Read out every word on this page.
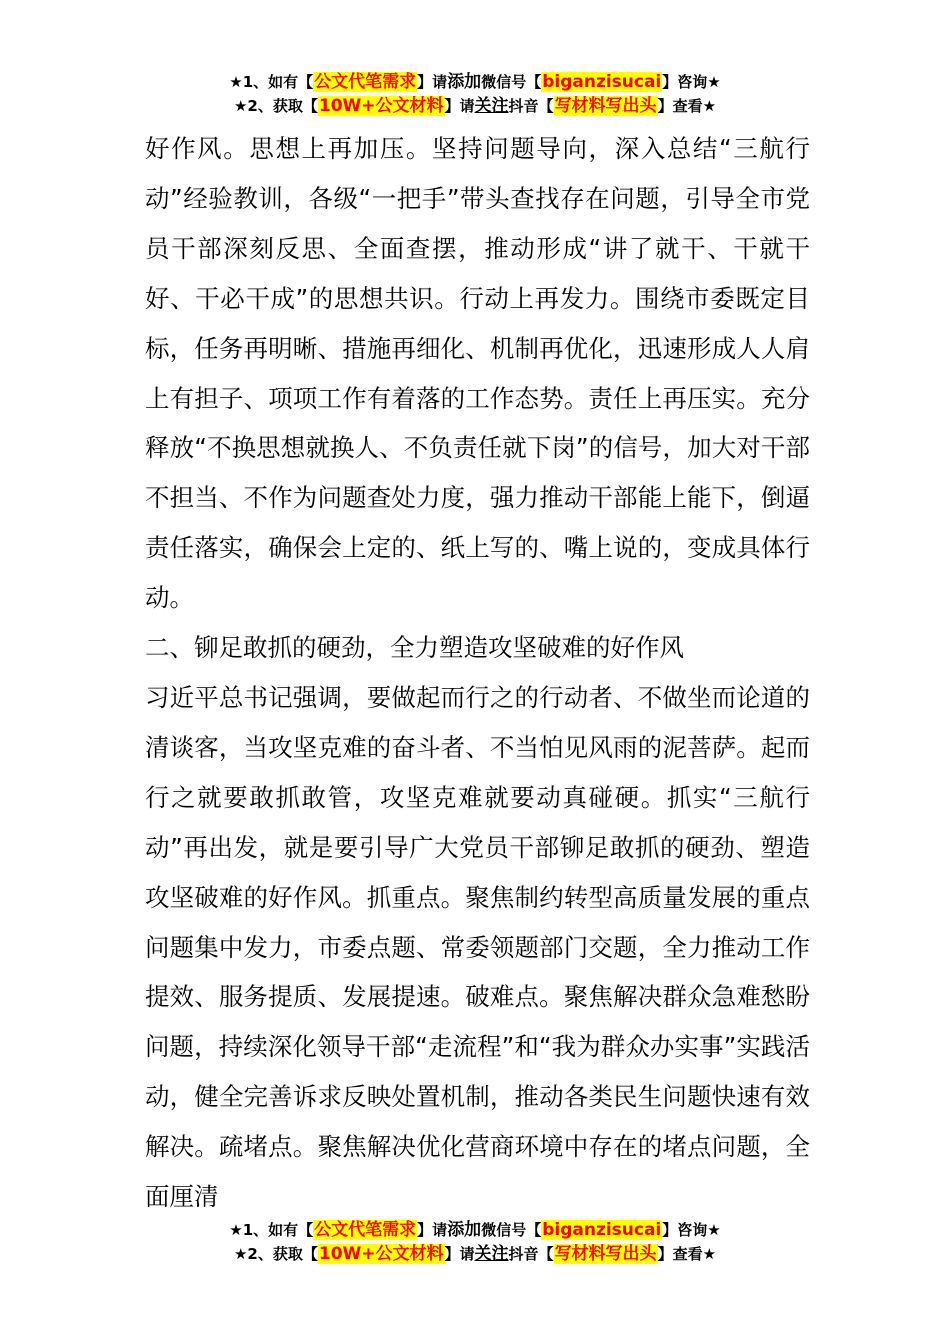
★1、如有【公文代笔需求】请添加微信号【biganzisucai】咨询★
★2、获取【10W+公文材料】请关注抖音【写材料写出头】查看★

好作风。思想上再加压。坚持问题导向，深入总结“三航行动”经验教训，各级“一把手”带头查找存在问题，引导全市党员干部深刻反思、全面查摆，推动形成“讲了就干、干就干好、干必干成”的思想共识。行动上再发力。围绕市委既定目标，任务再明晰、措施再细化、机制再优化，迅速形成人人肩上有担子、项项工作有着落的工作态势。责任上再压实。充分释放“不换思想就换人、不负责任就下岗”的信号，加大对干部不担当、不作为问题查处力度，强力推动干部能上能下，倒逼责任落实，确保会上定的、纸上写的、嘴上说的，变成具体行动。

二、铆足敢抓的硬劲，全力塑造攻坚破难的好作风

习近平总书记强调，要做起而行之的行动者、不做坐而论道的清谈客，当攻坚克难的奋斗者、不当怕见风雨的泥菩萨。起而行之就要敢抓敢管，攻坚克难就要动真碰硬。抓实“三航行动”再出发，就是要引导广大党员干部铆足敢抓的硬劲、塑造攻坚破难的好作风。抓重点。聚焦制约转型高质量发展的重点问题集中发力，市委点题、常委领题部门交题，全力推动工作提效、服务提质、发展提速。破难点。聚焦解决群众急难愁盼问题，持续深化领导干部“走流程”和“我为群众办实事”实践活动，健全完善诉求反映处置机制，推动各类民生问题快速有效解决。疏堵点。聚焦解决优化营商环境中存在的堵点问题，全面厘清

★1、如有【公文代笔需求】请添加微信号【biganzisucai】咨询★
★2、获取【10W+公文材料】请关注抖音【写材料写出头】查看★
